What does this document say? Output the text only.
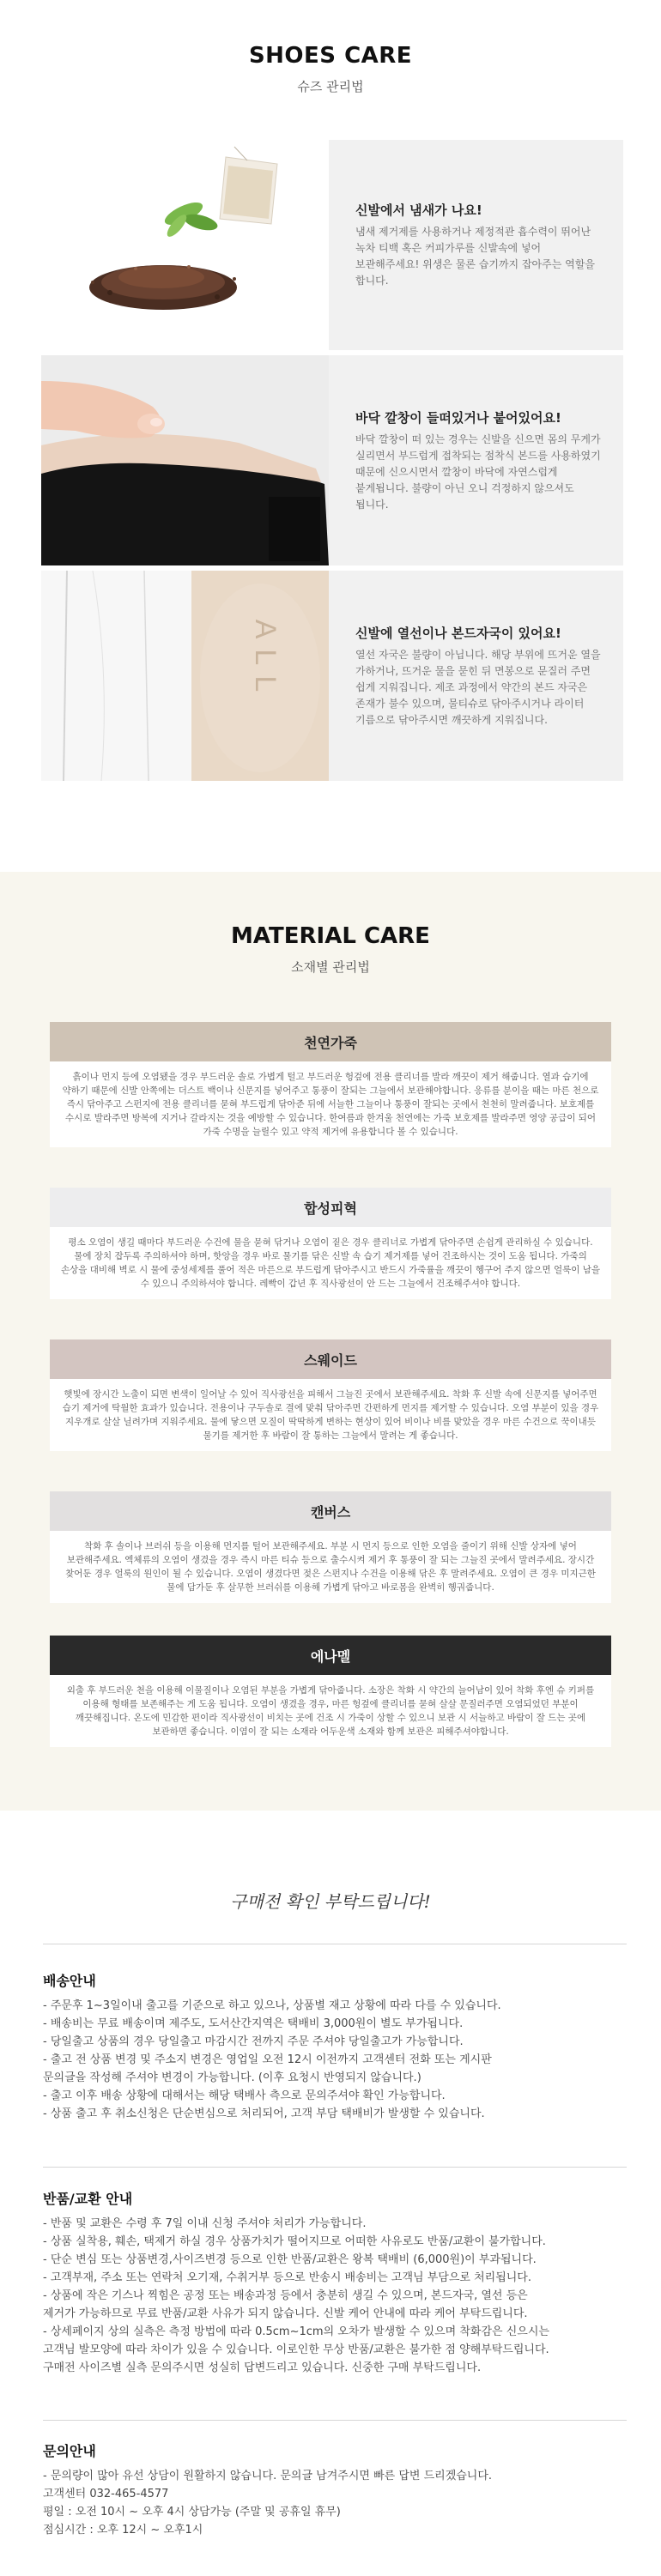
SHOES CARE
슈즈 관리법
신발에서 냄새가 나요!
냄새 제거제를 사용하거나 제정적관 흡수력이 뛰어난 녹차 티백 혹은 커피가루를 신발속에 넣어 보관해주세요! 위생은 물론 습기까지 잡아주는 역할을 합니다.
바닥 깔창이 들떠있거나 붙어있어요!
바닥 깔창이 떠 있는 경우는 신발을 신으면 몸의 무게가 실리면서 부드럽게 접착되는 점착식 본드를 사용하였기 때문에 신으시면서 깔창이 바닥에 자연스럽게 붙게됩니다. 불량이 아닌 오니 걱정하지 않으셔도 됩니다.
ALL	신발에 열선이나 본드자국이 있어요!
열선 자국은 불량이 아닙니다. 해당 부위에 뜨거운 열을 가하거나, 뜨거운 물을 묻힌 뒤 면봉으로 문질러 주면 쉽게 지워집니다. 제조 과정에서 약간의 본드 자국은 존재가 불수 있으며, 물티슈로 닦아주시거나 라이터 기름으로 닦아주시면 깨끗하게 지워집니다.
MATERIAL CARE
소재별 관리법
천연가죽
흙이나 먼지 등에 오염됐을 경우 부드러운 솔로 가볍게 털고 부드러운 헝겊에 전용 클리너를 발라 깨끗이 제거 해줍니다. 열과 습기에 약하기 때문에 신발 안쪽에는 더스트 백이나 신문지를 넣어주고 통풍이 잘되는 그늘에서 보관해야합니다. 응류를 분이을 때는 마른 천으로 즉시 닦아주고 스펀지에 전용 클리너를 묻혀 부드럽게 닦아준 뒤에 서늘한 그늘이나 통풍이 잘되는 곳에서 천천히 말려줍니다. 보호제를 수시로 발라주면 방복에 지거나 갈라지는 것을 예방할 수 있습니다. 한여름과 한겨울 천연에는 가죽 보호제를 발라주면 영양 공급이 되어 가죽 수명을 늘릴수 있고 약적 제거에 유용합니다 볼 수 있습니다.
합성피혁
평소 오염이 생길 때마다 부드러운 수건에 물을 묻혀 닦거나 오염이 짙은 경우 클리너로 가볍게 닦아주면 손쉽게 관리하실 수 있습니다. 물에 장치 잡두록 주의하셔야 하며, 핫앙을 경우 바로 물기를 닦은 신발 속 습기 제거제를 넣어 건조하시는 것이 도움 됩니다. 가죽의 손상을 대비해 벽로 시 물에 중성세제를 풀어 적은 마른으로 부드럽게 닦아주시고 반드시 가죽률을 깨끗이 헹구어 주지 않으면 얼룩이 남을 수 있으니 주의하셔야 합니다. 레빡이 갑년 후 직사광선이 안 드는 그늘에서 건조해주셔야 합니다.
스웨이드
햇빛에 장시간 노출이 되면 변색이 일어날 수 있어 직사광선을 피해서 그늘진 곳에서 보관해주세요. 착화 후 신발 속에 신문지를 넣어주면 습기 제거에 탁월한 효과가 있습니다. 전용이나 구두솔로 결에 맞춰 닦아주면 간편하게 먼지를 제거할 수 있습니다. 오염 부분이 있을 경우 지우개로 살살 닐려가며 지워주세요. 물에 닿으면 모질이 딱딱하게 변하는 현상이 있어 비이나 비를 맞았을 경우 마른 수건으로 꾹이내듯 물기를 제거한 후 바람이 잘 통하는 그늘에서 말려는 게 좋습니다.
캔버스
착화 후 솔이나 브러쉬 등을 이용해 먼지를 털어 보관해주세요. 부분 시 먼지 등으로 인한 오염을 줄이기 위해 신발 상자에 넣어 보관해주세요. 엑체류의 오염이 생겼을 경우 즉시 마른 티슈 등으로 출수시켜 제거 후 통풍이 잘 되는 그늘진 곳에서 말려주세요. 장시간 찾어둔 경우 얼룩의 원인이 될 수 있습니다. 오염이 생겼다면 젖은 스펀지나 수건을 이용해 닦은 후 말려주세요. 오염이 큰 경우 미지근한 물에 담가둔 후 살무한 브러쉬를 이용해 가볍게 닦아고 바로몸을 완벽히 헹궈줍니다.
에나멜
외출 후 부드러운 천을 이용해 이물질이나 오염된 부분을 가볍게 닦아줍니다. 소장은 착화 시 약간의 늘어남이 있어 착화 후엔 슈 키퍼를 이용해 형태를 보존해주는 게 도움 됩니다. 오염이 생겼을 경우, 마른 헝겊에 클리너를 묻혀 살살 문질러주면 오염되었던 부분이 깨끗해집니다. 온도에 민감한 편이라 직사광선이 비치는 곳에 건조 시 가죽이 상할 수 있으니 보관 시 서늘하고 바람이 잘 드는 곳에 보관하면 좋습니다. 이염이 잘 되는 소재라 어두운색 소재와 함께 보관은 피해주셔야합니다.
구매전 확인 부탁드립니다!
배송안내
- 주문후 1~3일이내 출고를 기준으로 하고 있으나, 상품별 재고 상황에 따라 다를 수 있습니다.
- 배송비는 무료 배송이며 제주도, 도서산간지역은 택배비 3,000원이 별도 부가됩니다.
- 당일출고 상품의 경우 당일출고 마감시간 전까지 주문 주셔야 당일출고가 가능합니다.
- 출고 전 상품 변경 및 주소지 변경은 영업일 오전 12시 이전까지 고객센터 전화 또는 게시판
문의글을 작성해 주셔야 변경이 가능합니다. (이후 요청시 반영되지 않습니다.)
- 출고 이후 배송 상황에 대해서는 해당 택배사 측으로 문의주셔야 확인 가능합니다.
- 상품 출고 후 취소신청은 단순변심으로 처리되어, 고객 부담 택배비가 발생할 수 있습니다.
반품/교환 안내
- 반품 및 교환은 수령 후 7일 이내 신청 주셔야 처리가 가능합니다.
- 상품 실착용, 훼손, 택제거 하실 경우 상품가치가 떨어지므로 어떠한 사유로도 반품/교환이 불가합니다.
- 단순 변심 또는 상품변경,사이즈변경 등으로 인한 반품/교환은 왕복 택배비 (6,000원)이 부과됩니다.
- 고객부재, 주소 또는 연락처 오기재, 수취거부 등으로 반송시 배송비는 고객님 부담으로 처리됩니다.
- 상품에 작은 기스나 찍힘은 공정 또는 배송과정 등에서 충분히 생길 수 있으며, 본드자국, 열선 등은
제거가 가능하므로 무료 반품/교환 사유가 되지 않습니다. 신발 케어 안내에 따라 케어 부탁드립니다.
- 상세페이지 상의 실측은 측정 방법에 따라 0.5cm~1cm의 오차가 발생할 수 있으며 착화감은 신으시는
고객님 발모양에 따라 차이가 있을 수 있습니다. 이로인한 무상 반품/교환은 불가한 점 양해부탁드립니다.
구매전 사이즈별 실측 문의주시면 성실히 답변드리고 있습니다. 신중한 구매 부탁드립니다.
문의안내
- 문의량이 많아 유선 상담이 원활하지 않습니다. 문의글 남겨주시면 빠른 답변 드리겠습니다.
고객센터 032-465-4577
평일 : 오전 10시 ~ 오후 4시 상담가능 (주말 및 공휴일 휴무)
점심시간 : 오후 12시 ~ 오후1시
